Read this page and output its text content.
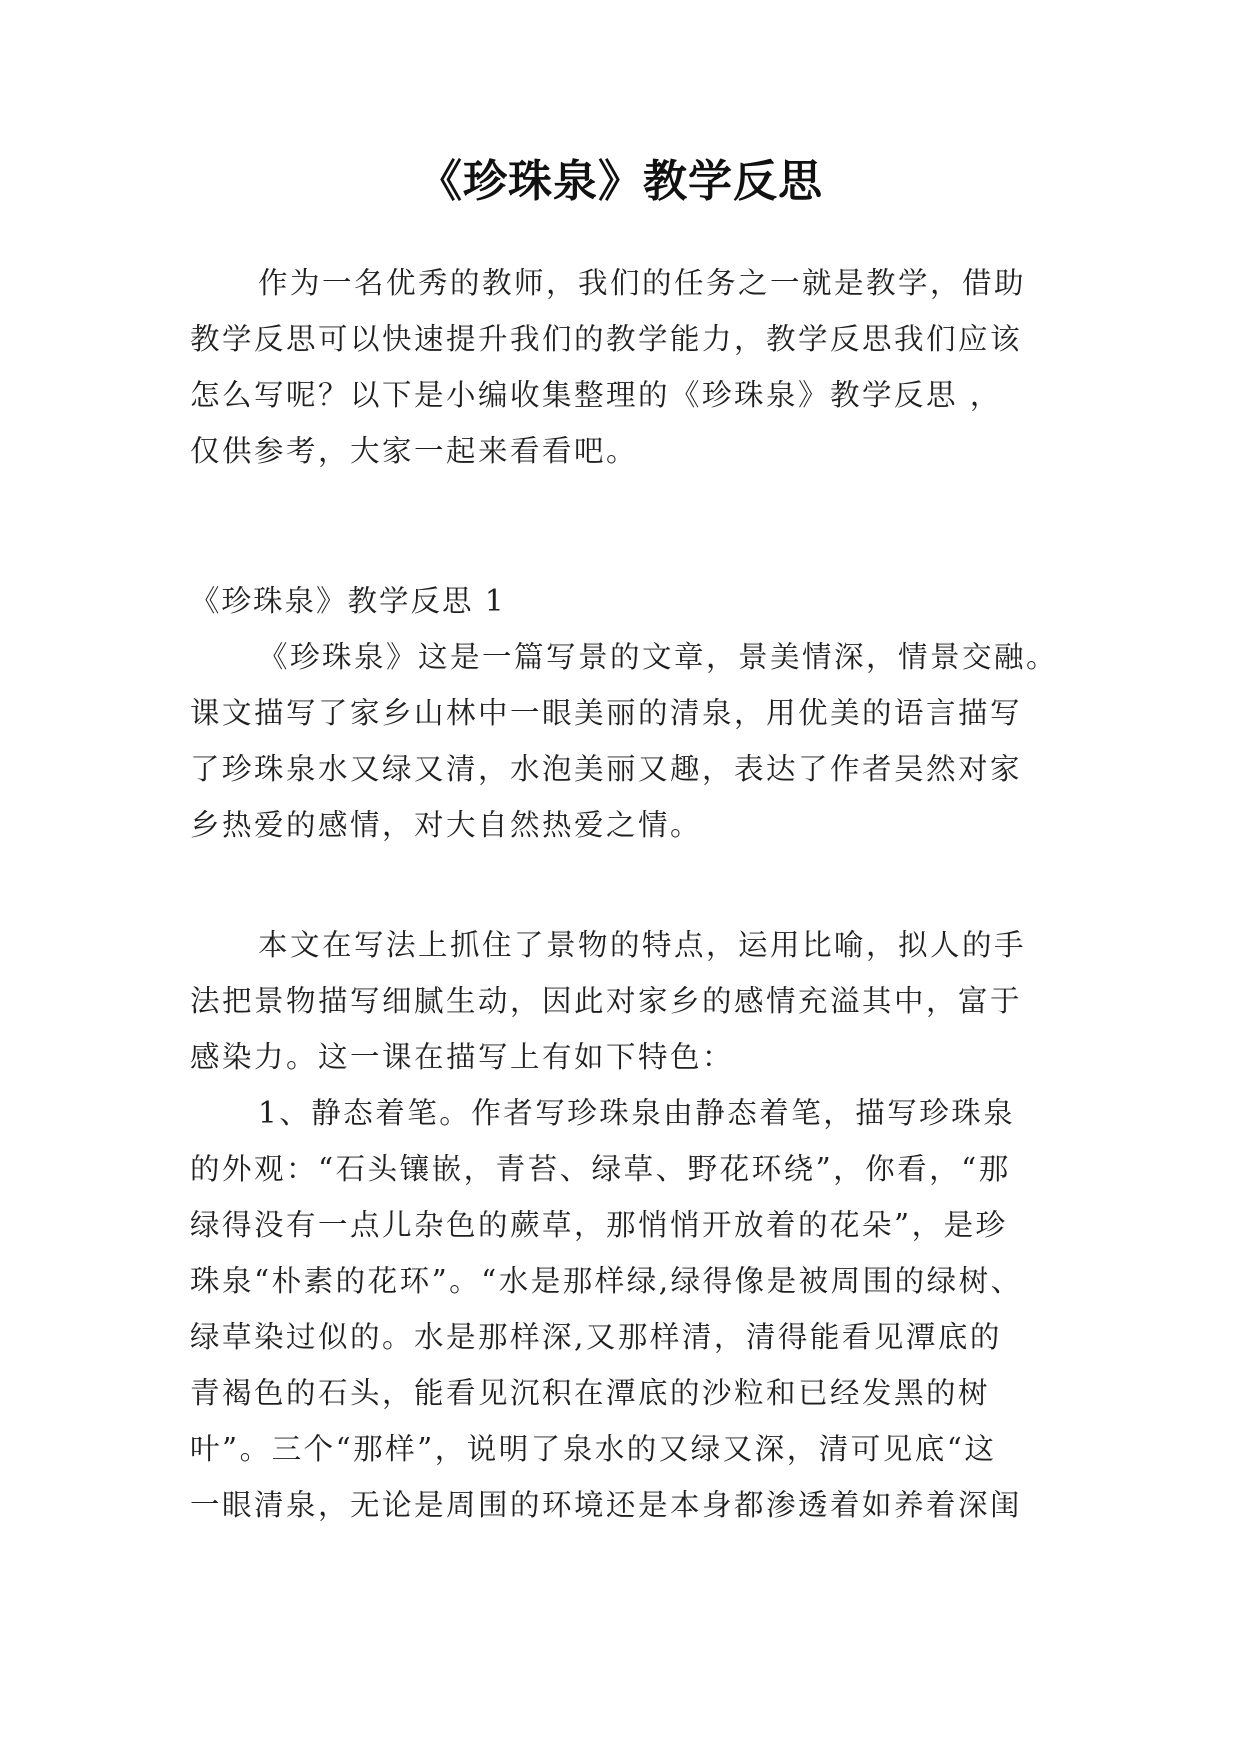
《珍珠泉》教学反思
作为一名优秀的教师，我们的任务之一就是教学，借助
教学反思可以快速提升我们的教学能力，教学反思我们应该
怎么写呢？以下是小编收集整理的《珍珠泉》教学反思 ，
仅供参考，大家一起来看看吧。
《珍珠泉》教学反思 1
《珍珠泉》这是一篇写景的文章，景美情深，情景交融。
课文描写了家乡山林中一眼美丽的清泉，用优美的语言描写
了珍珠泉水又绿又清，水泡美丽又趣，表达了作者吴然对家
乡热爱的感情，对大自然热爱之情。
本文在写法上抓住了景物的特点，运用比喻，拟人的手
法把景物描写细腻生动，因此对家乡的感情充溢其中，富于
感染力。这一课在描写上有如下特色：
1、静态着笔。作者写珍珠泉由静态着笔，描写珍珠泉
的外观：“石头镶嵌，青苔、绿草、野花环绕”，你看，“那
绿得没有一点儿杂色的蕨草，那悄悄开放着的花朵”，是珍
珠泉“朴素的花环”。“水是那样绿,绿得像是被周围的绿树、
绿草染过似的。水是那样深,又那样清，清得能看见潭底的
青褐色的石头，能看见沉积在潭底的沙粒和已经发黑的树
叶”。三个“那样”，说明了泉水的又绿又深，清可见底“这
一眼清泉，无论是周围的环境还是本身都渗透着如养着深闺
